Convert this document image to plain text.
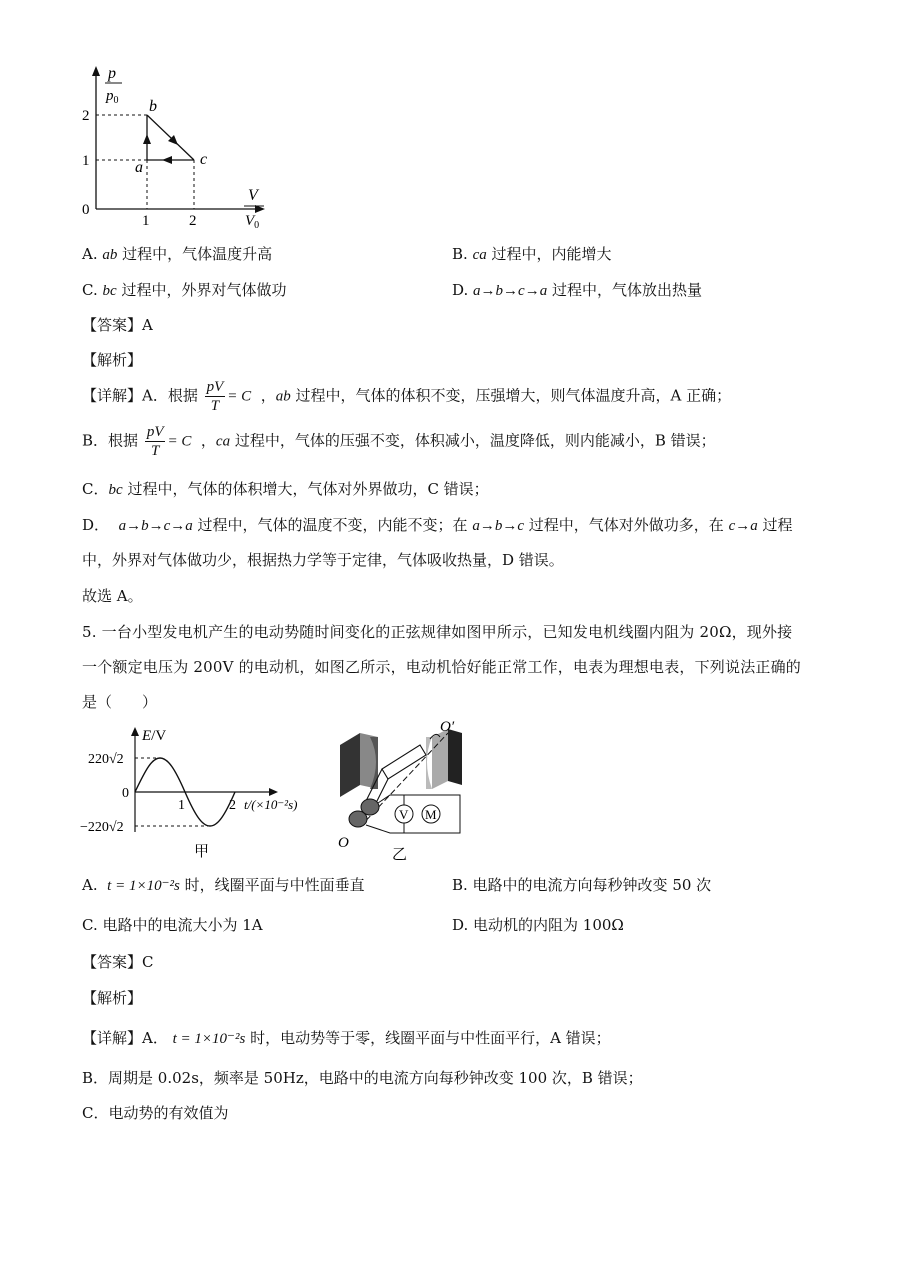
p
$p_0$
2
1
0
1	2
a
b
c
V
$V_0$
A. ab 过程中，气体温度升高	B. ca 过程中，内能增大
C. bc 过程中，外界对气体做功	D. a→b→c→a 过程中，气体放出热量
【答案】A
【解析】
【详解】A．根据 $\frac{pV}{T} = C$  ，ab 过程中，气体的体积不变，压强增大，则气体温度升高，A 正确；
B．根据 $\frac{pV}{T} = C$  ，ca 过程中，气体的压强不变，体积减小，温度降低，则内能减小，B 错误；
C．bc 过程中，气体的体积增大，气体对外界做功，C 错误；
D． a→b→c→a 过程中，气体的温度不变，内能不变；在 a→b→c 过程中，气体对外做功多，在 c→a 过程
中，外界对气体做功少，根据热力学等于定律，气体吸收热量，D 错误。
故选 A。
5. 一台小型发电机产生的电动势随时间变化的正弦规律如图甲所示，已知发电机线圈内阻为 20Ω，现外接
一个额定电压为 200V 的电动机，如图乙所示，电动机恰好能正常工作，电表为理想电表，下列说法正确的
是（　　）
E/V
220√2
0
−220√2
1	2 t/(×10⁻²s)
甲
V M
O′
O
乙
A. t = 1×10⁻²s 时，线圈平面与中性面垂直	B. 电路中的电流方向每秒钟改变 50 次
C. 电路中的电流大小为 1A	D. 电动机的内阻为 100Ω
【答案】C
【解析】
【详解】A． t = 1×10⁻²s 时，电动势等于零，线圈平面与中性面平行，A 错误；
B．周期是 0.02s，频率是 50Hz，电路中的电流方向每秒钟改变 100 次，B 错误；
C．电动势的有效值为
